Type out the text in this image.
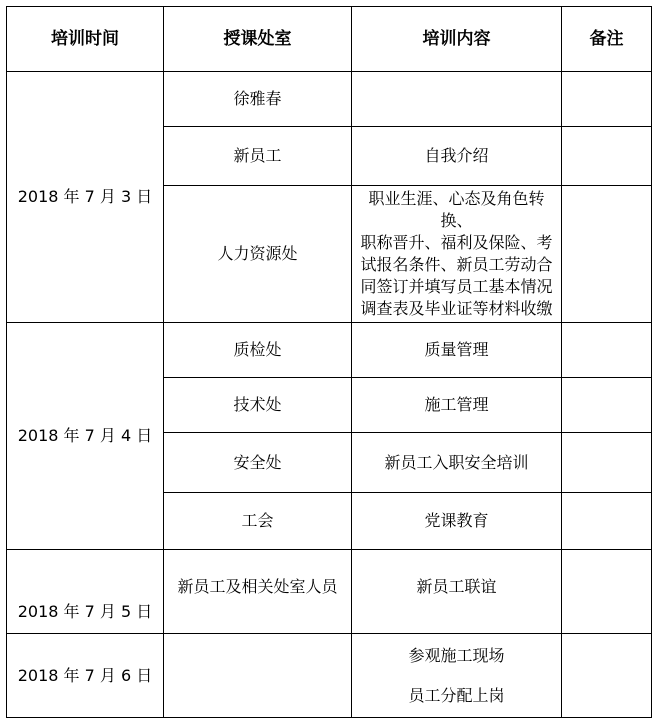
培训时间	授课处室	培训内容	备注
2018 年 7 月 3 日	徐雅春		
	新员工	自我介绍	
	人力资源处	职业生涯、心态及角色转换、
职称晋升、福利及保险、考
试报名条件、新员工劳动合
同签订并填写员工基本情况
调查表及毕业证等材料收缴	

2018 年 7 月 4 日	质检处	质量管理	
	技术处	施工管理	
	安全处	新员工入职安全培训	
	工会	党课教育	
2018 年 7 月 5 日	新员工及相关处室人员	新员工联谊	
2018 年 7 月 6 日		参观施工现场
员工分配上岗	
